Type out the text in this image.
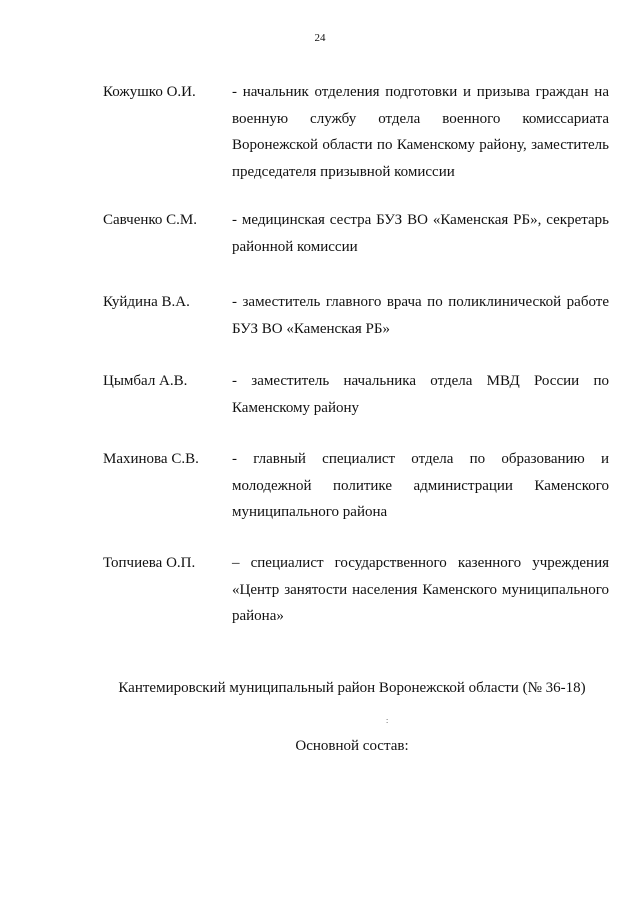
24
Кожушко О.И. - начальник отделения подготовки и призыва граждан на военную службу отдела военного комиссариата Воронежской области по Каменскому району, заместитель председателя призывной комиссии
Савченко С.М. - медицинская сестра БУЗ ВО «Каменская РБ», секретарь районной комиссии
Куйдина В.А.	- заместитель главного врача по поликлинической работе БУЗ ВО «Каменская РБ»
Цымбал А.В.	- заместитель начальника отдела МВД России по Каменскому району
Махинова С.В. - главный специалист отдела по образованию и молодежной политике администрации Каменского муниципального района
Топчиева О.П. – специалист государственного казенного учреждения «Центр занятости населения Каменского муниципального района»
Кантемировский муниципальный район Воронежской области (№ 36-18)
:
Основной состав:
